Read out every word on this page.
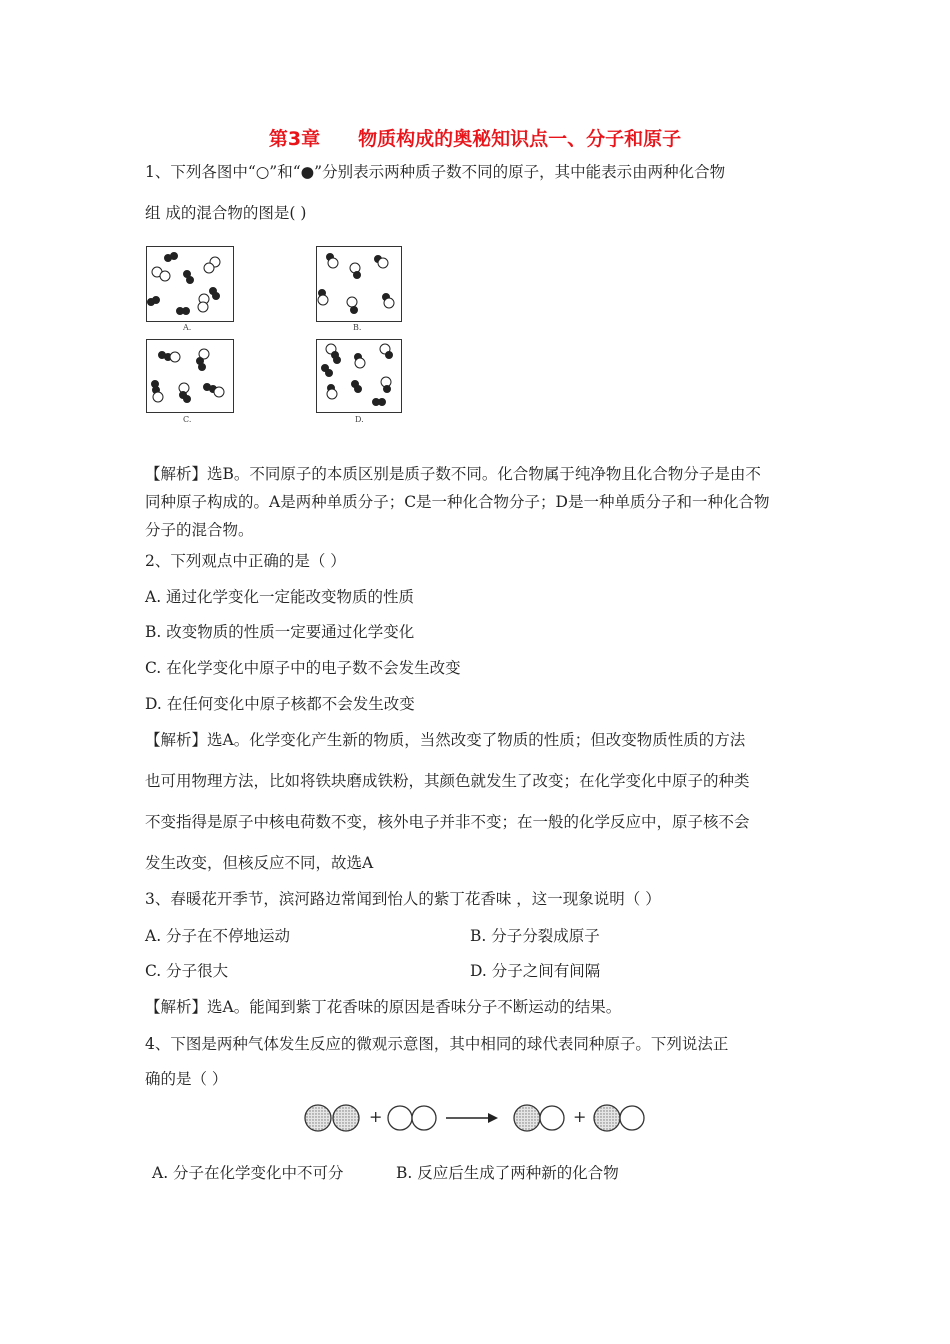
第3章 物质构成的奥秘知识点一、分子和原子
1、下列各图中“○”和“●”分别表示两种质子数不同的原子，其中能表示由两种化合物
组 成的混合物的图是( )
A.	B.
C.	D.
【解析】选B。不同原子的本质区别是质子数不同。化合物属于纯净物且化合物分子是由不
同种原子构成的。A是两种单质分子；C是一种化合物分子；D是一种单质分子和一种化合物
分子的混合物。
2、下列观点中正确的是（ ）
A. 通过化学变化一定能改变物质的性质
B. 改变物质的性质一定要通过化学变化
C. 在化学变化中原子中的电子数不会发生改变
D. 在任何变化中原子核都不会发生改变
【解析】选A。化学变化产生新的物质，当然改变了物质的性质；但改变物质性质的方法
也可用物理方法，比如将铁块磨成铁粉，其颜色就发生了改变；在化学变化中原子的种类
不变指得是原子中核电荷数不变，核外电子并非不变；在一般的化学反应中，原子核不会
发生改变，但核反应不同，故选A
3、春暖花开季节，滨河路边常闻到怡人的紫丁花香味 ，这一现象说明（ ）
A. 分子在不停地运动	B. 分子分裂成原子
C. 分子很大	D. 分子之间有间隔
【解析】选A。能闻到紫丁花香味的原因是香味分子不断运动的结果。
4、下图是两种气体发生反应的微观示意图，其中相同的球代表同种原子。下列说法正
确的是（ ）
+	+
A. 分子在化学变化中不可分	B. 反应后生成了两种新的化合物
